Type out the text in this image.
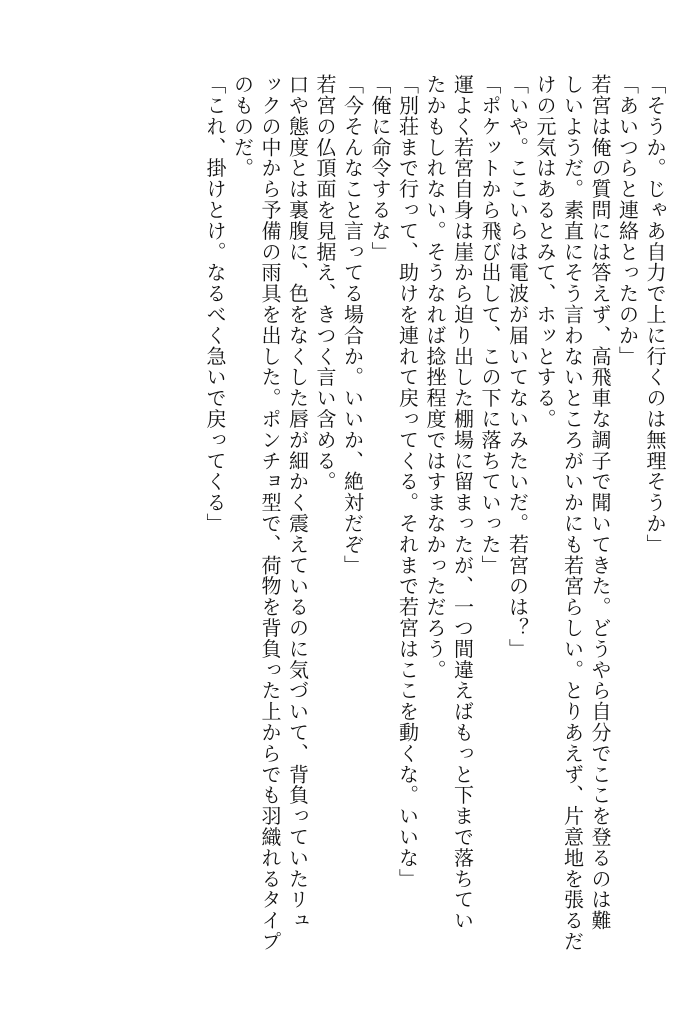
「そうか。じゃあ自力で上に行くのは無理そうか」
「あいつらと連絡とったのか」
若宮は俺の質問には答えず、高飛車な調子で聞いてきた。どうやら自分でここを登るのは難
しいようだ。素直にそう言わないところがいかにも若宮らしい。とりあえず、片意地を張るだ
けの元気はあるとみて、ホッとする。
「いや。ここいらは電波が届いてないみたいだ。若宮のは？」
「ポケットから飛び出して、この下に落ちていった」
運よく若宮自身は崖から迫り出した棚場に留まったが、一つ間違えばもっと下まで落ちてい
たかもしれない。そうなれば捻挫程度ではすまなかっただろう。
「別荘まで行って、助けを連れて戻ってくる。それまで若宮はここを動くな。いいな」
「俺に命令するな」
「今そんなこと言ってる場合か。いいか、絶対だぞ」
若宮の仏頂面を見据え、きつく言い含める。
口や態度とは裏腹に、色をなくした唇が細かく震えているのに気づいて、背負っていたリュ
ックの中から予備の雨具を出した。ポンチョ型で、荷物を背負った上からでも羽織れるタイプ
のものだ。
「これ、掛けとけ。なるべく急いで戻ってくる」
